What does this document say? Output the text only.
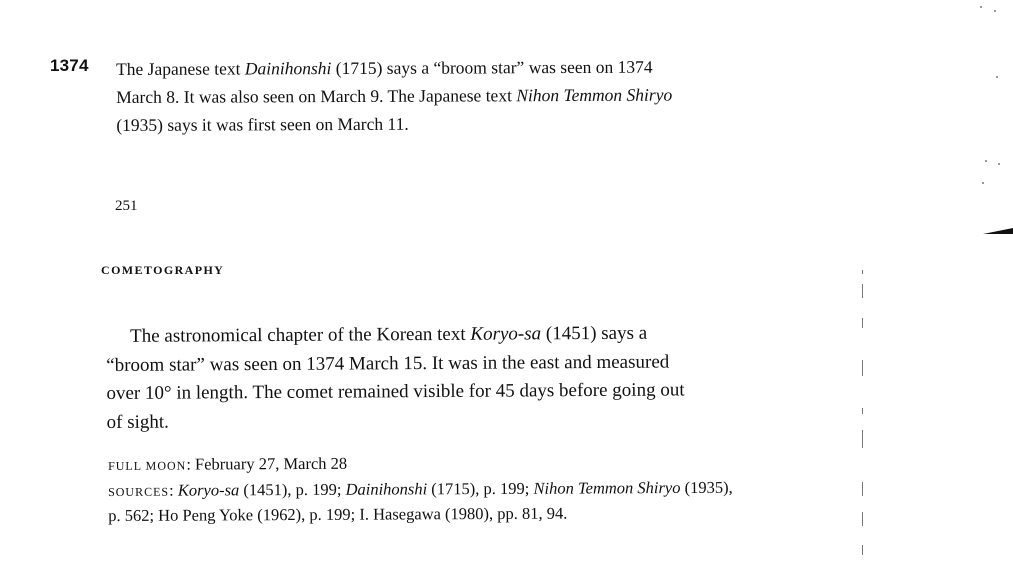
1374 The Japanese text Dainihonshi (1715) says a “broom star” was seen on 1374
March 8. It was also seen on March 9. The Japanese text Nihon Temmon Shiryo
(1935) says it was first seen on March 11.
251
COMETOGRAPHY
The astronomical chapter of the Korean text Koryo-sa (1451) says a
“broom star” was seen on 1374 March 15. It was in the east and measured
over 10° in length. The comet remained visible for 45 days before going out
of sight.
FULL MOON: February 27, March 28
SOURCES: Koryo-sa (1451), p. 199; Dainihonshi (1715), p. 199; Nihon Temmon Shiryo (1935),
p. 562; Ho Peng Yoke (1962), p. 199; I. Hasegawa (1980), pp. 81, 94.
